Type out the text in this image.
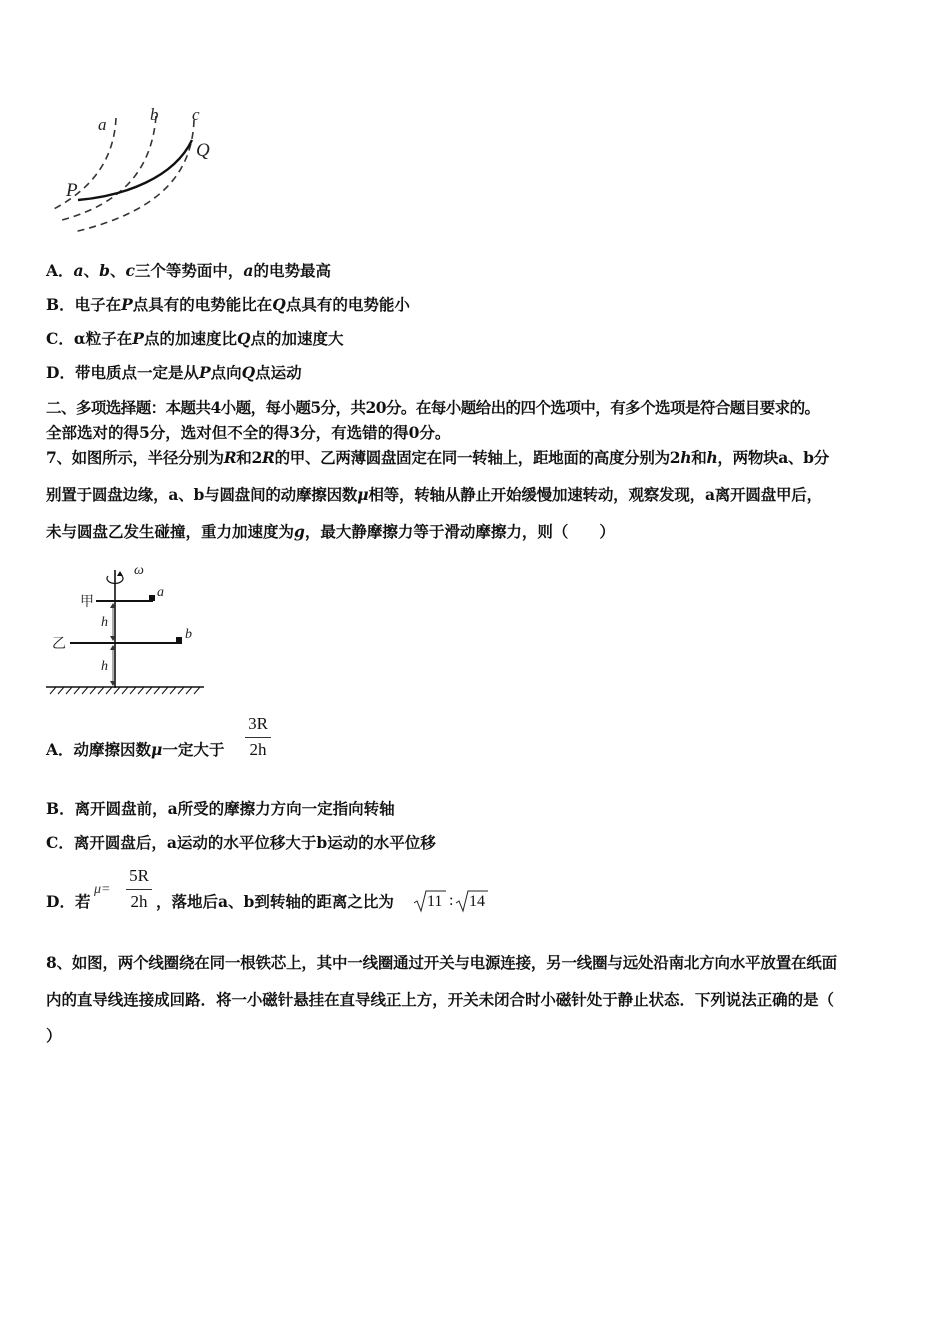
a
b c
Q
P
A．a、b、c三个等势面中，a的电势最高
B．电子在P点具有的电势能比在Q点具有的电势能小
C．α粒子在P点的加速度比Q点的加速度大
D．带电质点一定是从P点向Q点运动
二、多项选择题：本题共4小题，每小题5分，共20分。在每小题给出的四个选项中，有多个选项是符合题目要求的。
全部选对的得5分，选对但不全的得3分，有选错的得0分。
7、如图所示，半径分别为R和2R的甲、乙两薄圆盘固定在同一转轴上，距地面的高度分别为2h和h，两物块a、b分
别置于圆盘边缘，a、b与圆盘间的动摩擦因数μ相等，转轴从静止开始缓慢加速转动，观察发现，a离开圆盘甲后，
未与圆盘乙发生碰撞，重力加速度为g，最大静摩擦力等于滑动摩擦力，则（　　）
ω
a
甲
b
乙
h
h
A．动摩擦因数μ一定大于
3R
2h
B．离开圆盘前，a所受的摩擦力方向一定指向转轴
C．离开圆盘后，a运动的水平位移大于b运动的水平位移
D．若
μ=
5R
2h ，落地后a、b到转轴的距离之比为 11 : 14
8、如图，两个线圈绕在同一根铁芯上，其中一线圈通过开关与电源连接，另一线圈与远处沿南北方向水平放置在纸面
内的直导线连接成回路．将一小磁针悬挂在直导线正上方，开关未闭合时小磁针处于静止状态．下列说法正确的是（
）
